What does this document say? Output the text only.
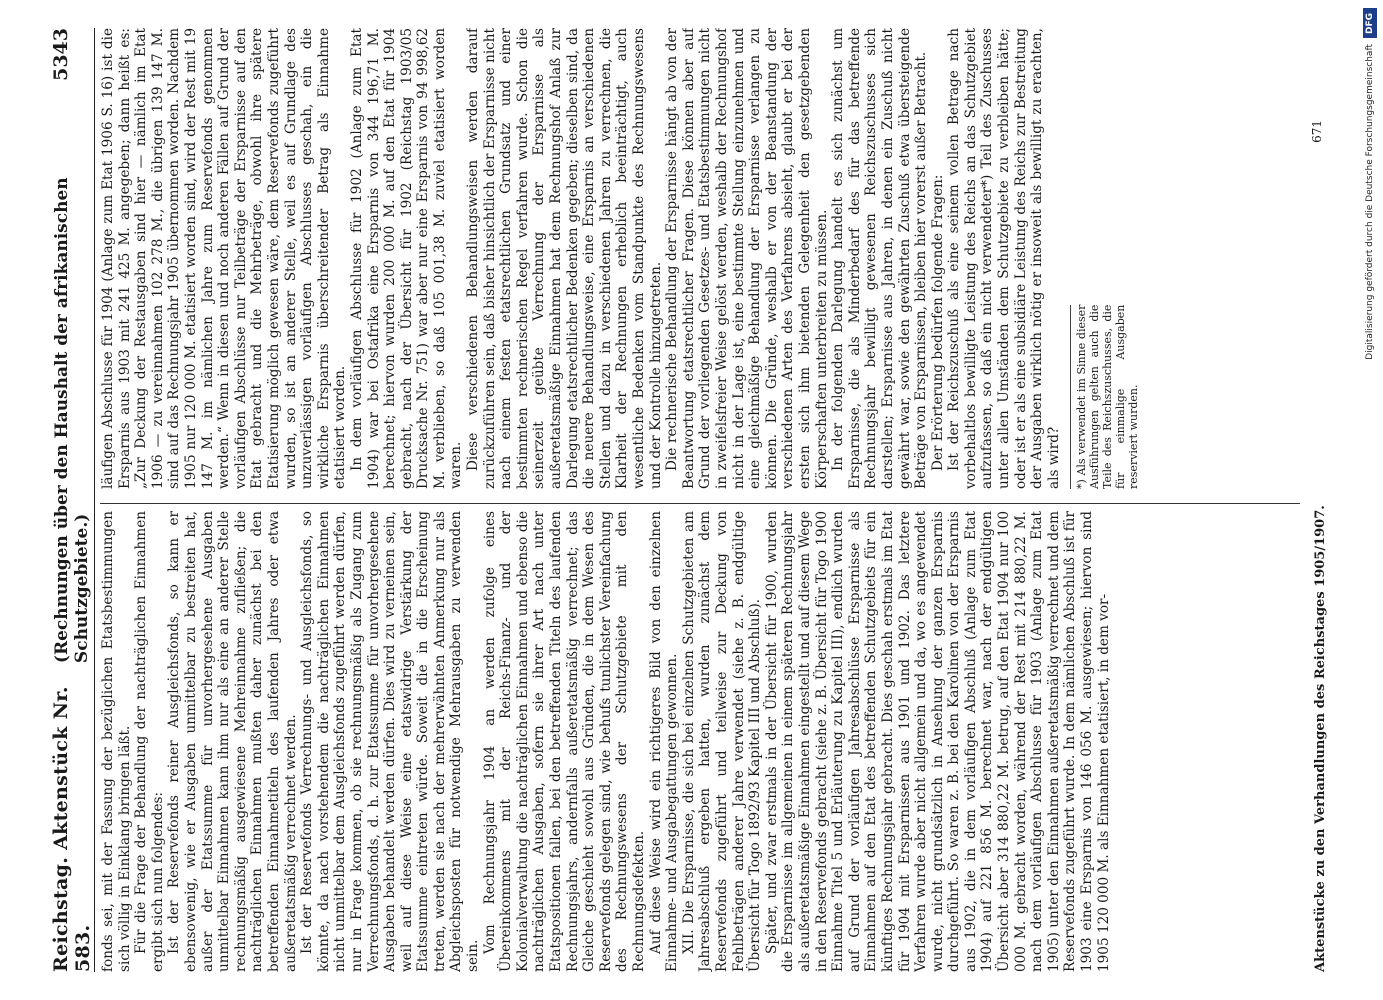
Reichstag. Aktenstück Nr. 583.
(Rechnungen über den Haushalt der afrikanischen Schutzgebiete.)
5343

fonds sei, mit der Fassung der bezüglichen Etatsbestimmungen sich völlig in Einklang bringen läßt. Für die Frage der Behandlung der nachträglichen Einnahmen ergibt sich nun folgendes: Ist der Reservefonds reiner Ausgleichsfonds, so kann er ebensowenig, wie er Ausgaben unmittelbar zu bestreiten hat, außer der Etatssumme für unvorhergesehene Ausgaben unmittelbar Einnahmen kann ihm nur als eine an anderer Stelle rechnungsmäßig ausgewiesene Mehreinnahme zufließen; die nachträglichen Einnahmen mußten daher zunächst bei den betreffenden Einnahmetiteln des laufenden Jahres oder etwa außeretatsmäßig verrechnet werden. Ist der Reservefonds Verrechnungs- und Ausgleichsfonds, so könnte, da nach vorstehendem die nachträglichen Einnahmen nicht unmittelbar dem Ausgleichsfonds zugeführt werden dürfen, nur in Frage kommen, ob sie rechnungsmäßig als Zugang zum Verrechnungsfonds, d. h. zur Etatssumme für unvorhergesehene Ausgaben behandelt werden dürfen. Dies wird zu verneinen sein, weil auf diese Weise eine etatswidrige Verstärkung der Etatssumme eintreten würde. Soweit die in die Erscheinung treten, werden sie nach der mehrerwähnten Anmerkung nur als Abgleichsposten für notwendige Mehrausgaben zu verwenden sein.

Vom Rechnungsjahr 1904 an werden zufolge eines Übereinkommens mit der Reichs-Finanz- und der Kolonialverwaltung die nachträglichen Einnahmen und ebenso die nachträglichen Ausgaben, sofern sie ihrer Art nach unter Etatspositionen fallen, bei den betreffenden Titeln des laufenden Rechnungsjahrs, andernfalls außeretatsmäßig verrechnet; das Gleiche geschieht sowohl aus Gründen, die in dem Wesen des Reservefonds gelegen sind, wie behufs tunlichster Vereinfachung des Rechnungswesens der Schutzgebiete mit den Rechnungsdefekten. Auf diese Weise wird ein richtigeres Bild von den einzelnen Einnahme- und Ausgabegattungen gewonnen. XII. Die Ersparnisse, die sich bei einzelnen Schutzgebieten am Jahresabschluß ergeben hatten, wurden zunächst dem Reservefonds zugeführt und teilweise zur Deckung von Fehlbeträgen anderer Jahre verwendet (siehe z. B. endgültige Übersicht für Togo 1892/93 Kapitel III und Abschluß). Später, und zwar erstmals in der Übersicht für 1900, wurden die Ersparnisse im allgemeinen in einem späteren Rechnungsjahr als außeretatsmäßige Einnahmen eingestellt und auf diesem Wege in den Reservefonds gebracht (siehe z. B. Übersicht für Togo 1900 Einnahme Titel 5 und Erläuterung zu Kapitel III), endlich wurden auf Grund der vorläufigen Jahresabschlüsse Ersparnisse als Einnahmen auf den Etat des betreffenden Schutzgebiets für ein künftiges Rechnungsjahr gebracht. Dies geschah erstmals im Etat für 1904 mit Ersparnissen aus 1901 und 1902. Das letztere Verfahren wurde aber nicht allgemein und da, wo es angewendet wurde, nicht grundsätzlich in Ansehung der ganzen Ersparnis durchgeführt. So waren z. B. bei den Karolinen von der Ersparnis aus 1902, die in dem vorläufigen Abschluß (Anlage zum Etat 1904) auf 221 856 M. berechnet war, nach der endgültigen Übersicht aber 314 880,22 M. betrug, auf den Etat 1904 nur 100 000 M. gebracht worden, während der Rest mit 214 880,22 M. nach dem vorläufigen Abschlusse für 1903 (Anlage zum Etat 1905) unter den Einnahmen außeretatsmäßig verrechnet und dem Reservefonds zugeführt wurde. In dem nämlichen Abschluß ist für 1903 eine Ersparnis von 146 056 M. ausgewiesen; hiervon sind 1905 120 000 M. als Einnahmen etatisiert, in dem vor-

läufigen Abschlusse für 1904 (Anlage zum Etat 1906 S. 16) ist die Ersparnis aus 1903 mit 241 425 M. angegeben; dann heißt es: „Zur Deckung der Restausgaben sind hier — nämlich im Etat 1906 — zu vereinnahmen 102 278 M., die übrigen 139 147 M. sind auf das Rechnungsjahr 1905 übernommen worden. Nachdem 1905 nur 120 000 M. etatisiert worden sind, wird der Rest mit 19 147 M. im nämlichen Jahre zum Reservefonds genommen werden.“ Wenn in diesen und noch anderen Fällen auf Grund der vorläufigen Abschlüsse nur Teilbeträge der Ersparnisse auf den Etat gebracht und die Mehrbeträge, obwohl ihre spätere Etatisierung möglich gewesen wäre, dem Reservefonds zugeführt wurden, so ist an anderer Stelle, weil es auf Grundlage des unzuverlässigen vorläufigen Abschlusses geschah, ein die wirkliche Ersparnis überschreitender Betrag als Einnahme etatisiert worden. In dem vorläufigen Abschlusse für 1902 (Anlage zum Etat 1904) war bei Ostafrika eine Ersparnis von 344 196,71 M. berechnet; hiervon wurden 200 000 M. auf den Etat für 1904 gebracht, nach der Übersicht für 1902 (Reichstag 1903/05 Drucksache Nr. 751) war aber nur eine Ersparnis von 94 998,62 M. verblieben, so daß 105 001,38 M. zuviel etatisiert worden waren. Diese verschiedenen Behandlungsweisen werden darauf zurückzuführen sein, daß bisher hinsichtlich der Ersparnisse nicht nach einem festen etatsrechtlichen Grundsatz und einer bestimmten rechnerischen Regel verfahren wurde. Schon die seinerzeit geübte Verrechnung der Ersparnisse als außeretatsmäßige Einnahmen hat dem Rechnungshof Anlaß zur Darlegung etatsrechtlicher Bedenken gegeben; dieselben sind, da die neuere Behandlungsweise, eine Ersparnis an verschiedenen Stellen und dazu in verschiedenen Jahren zu verrechnen, die Klarheit der Rechnungen erheblich beeinträchtigt, auch wesentliche Bedenken vom Standpunkte des Rechnungswesens und der Kontrolle hinzugetreten. Die rechnerische Behandlung der Ersparnisse hängt ab von der Beantwortung etatsrechtlicher Fragen. Diese können aber auf Grund der vorliegenden Gesetzes- und Etatsbestimmungen nicht in zweifelsfreier Weise gelöst werden, weshalb der Rechnungshof nicht in der Lage ist, eine bestimmte Stellung einzunehmen und eine gleichmäßige Behandlung der Ersparnisse verlangen zu können. Die Gründe, weshalb er von der Beanstandung der verschiedenen Arten des Verfahrens absieht, glaubt er bei der ersten sich ihm bietenden Gelegenheit den gesetzgebenden Körperschaften unterbreiten zu müssen. In der folgenden Darlegung handelt es sich zunächst um Ersparnisse, die als Minderbedarf des für das betreffende Rechnungsjahr bewilligt gewesenen Reichszuschusses sich darstellen; Ersparnisse aus Jahren, in denen ein Zuschuß nicht gewährt war, sowie den gewährten Zuschuß etwa übersteigende Beträge von Ersparnissen, bleiben hier vorerst außer Betracht. Der Erörterung bedürfen folgende Fragen: Ist der Reichszuschuß als eine seinem vollen Betrage nach vorbehaltlos bewilligte Leistung des Reichs an das Schutzgebiet aufzufassen, so daß ein nicht verwendeter*) Teil des Zuschusses unter allen Umständen dem Schutzgebiete zu verbleiben hätte; oder ist er als eine subsidiäre Leistung des Reichs zur Bestreitung der Ausgaben wirklich nötig er insoweit als bewilligt zu erachten, als wird?	*) Als verwendet im Sinne dieser Ausführungen gelten auch die Teile des Reichszuschusses, die für einmalige Ausgaben reserviert wurden.
Aktenstücke zu den Verhandlungen des Reichstages 1905/1907.
671
DFG
Digitalisierung gefördert durch die Deutsche Forschungsgemeinschaft
